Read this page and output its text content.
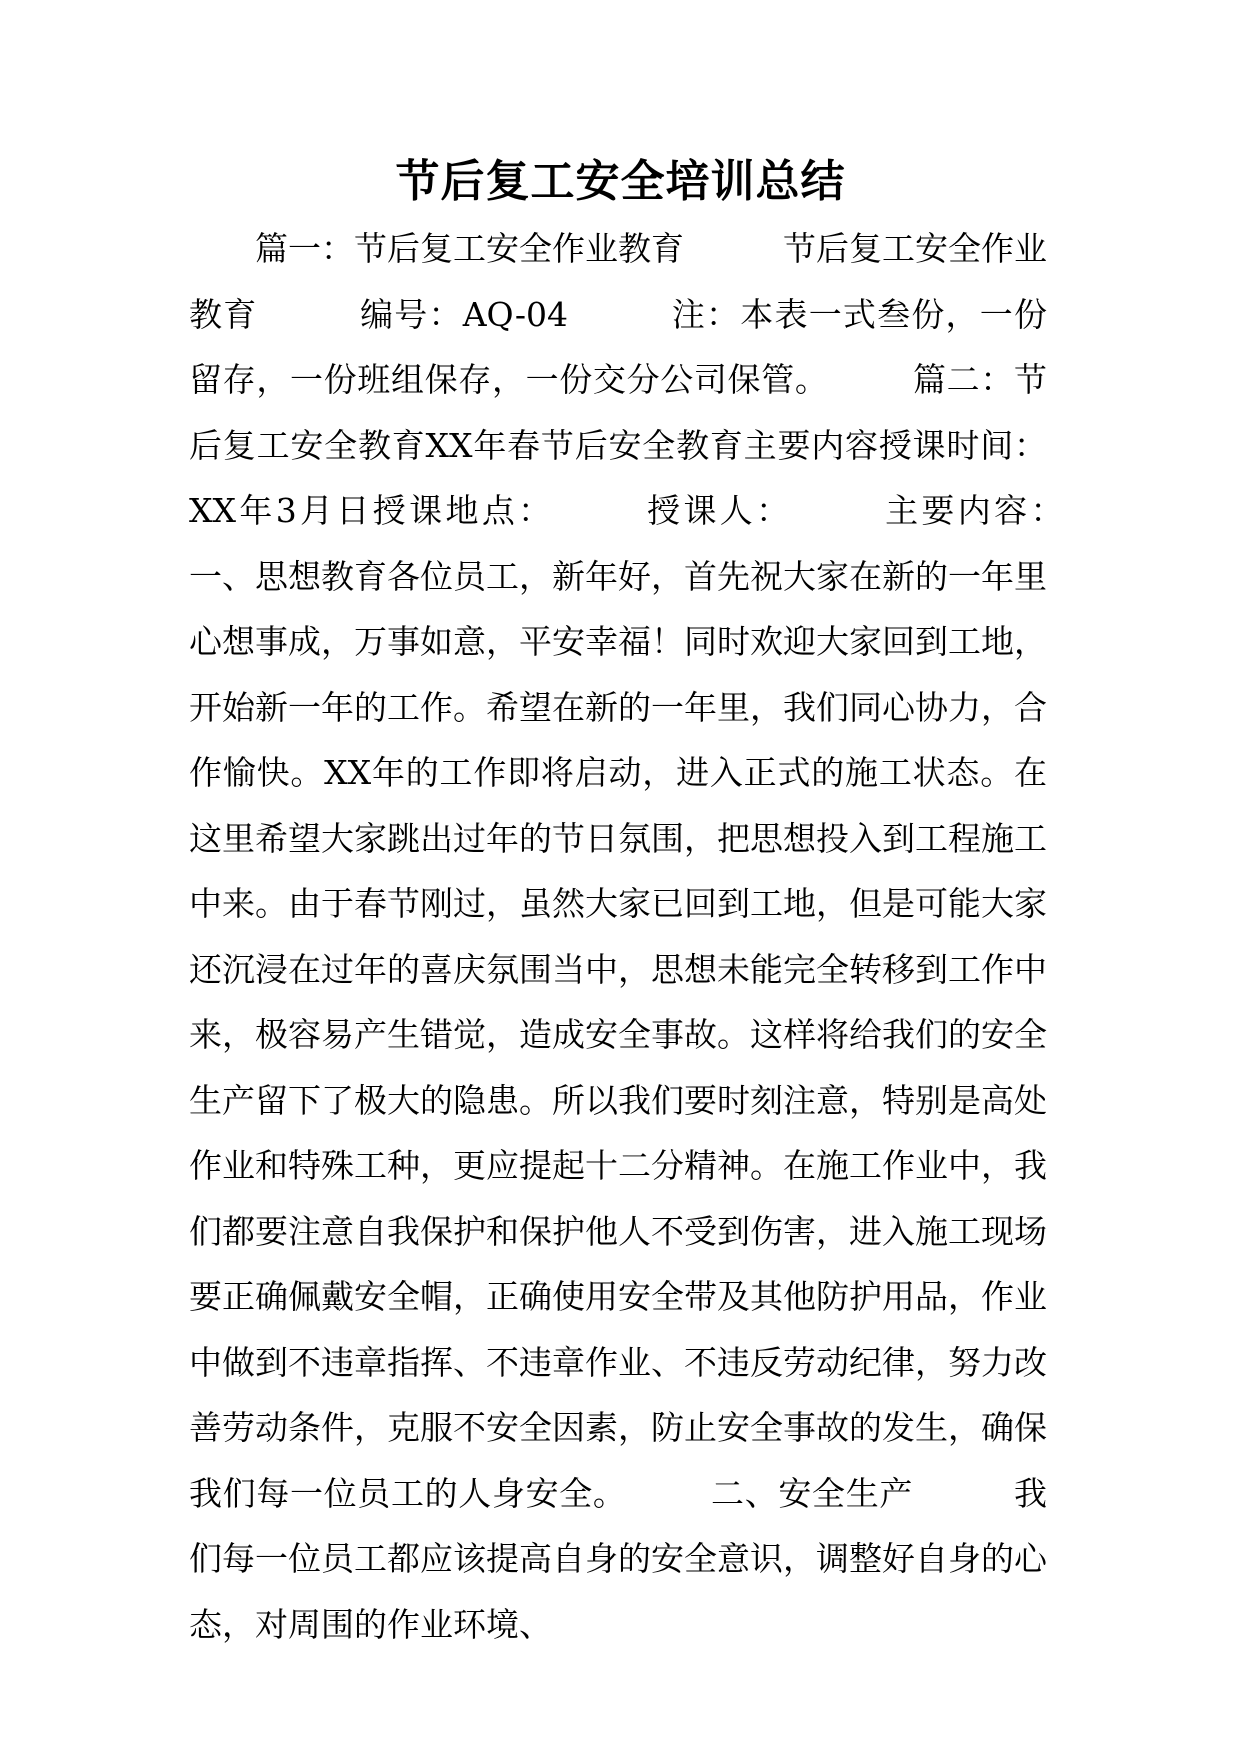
节后复工安全培训总结

篇一：节后复工安全作业教育　　　节后复工安全作业教育　　　编号：AQ-04　　　注：本表一式叁份，一份留存，一份班组保存，一份交分公司保管。　　　篇二：节后复工安全教育XX年春节后安全教育主要内容授课时间：XX年3月日授课地点：　　　授课人：　　　主要内容：　　　一、思想教育各位员工，新年好，首先祝大家在新的一年里心想事成，万事如意，平安幸福！同时欢迎大家回到工地，开始新一年的工作。希望在新的一年里，我们同心协力，合作愉快。XX年的工作即将启动，进入正式的施工状态。在这里希望大家跳出过年的节日氛围，把思想投入到工程施工中来。由于春节刚过，虽然大家已回到工地，但是可能大家还沉浸在过年的喜庆氛围当中，思想未能完全转移到工作中来，极容易产生错觉，造成安全事故。这样将给我们的安全生产留下了极大的隐患。所以我们要时刻注意，特别是高处作业和特殊工种，更应提起十二分精神。在施工作业中，我们都要注意自我保护和保护他人不受到伤害，进入施工现场要正确佩戴安全帽，正确使用安全带及其他防护用品，作业中做到不违章指挥、不违章作业、不违反劳动纪律，努力改善劳动条件，克服不安全因素，防止安全事故的发生，确保我们每一位员工的人身安全。　　　二、安全生产　　　我们每一位员工都应该提高自身的安全意识，调整好自身的心态，对周围的作业环境、
